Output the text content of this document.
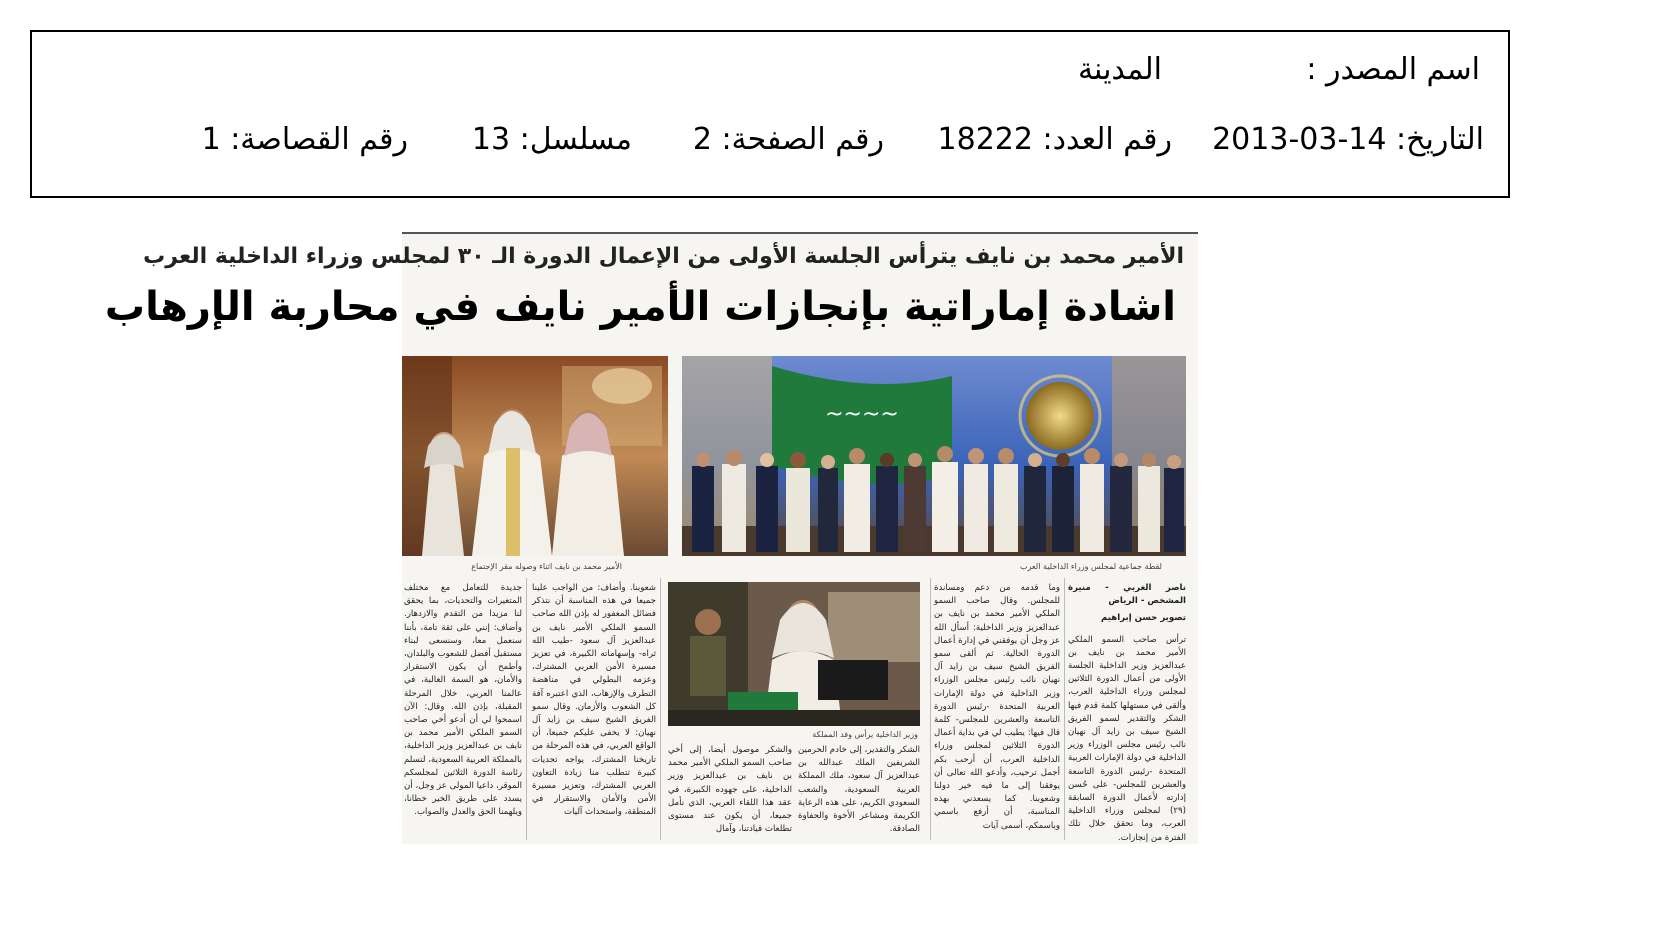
اسم المصدر :
المدينة
التاريخ: 14-03-2013
رقم العدد: 18222
رقم الصفحة: 2
مسلسل: 13
رقم القصاصة: 1
الأمير محمد بن نايف يترأس الجلسة الأولى من الإعمال الدورة الـ ٣٠ لمجلس وزراء الداخلية العرب
اشادة إماراتية بإنجازات الأمير نايف في محاربة الإرهاب
~~~~
الأمير محمد بن نايف اثناء وصوله مقر الإجتماع	لقطة جماعية لمجلس وزراء الداخلية العرب
وزير الداخلية يرأس وفد المملكة
ناصر الغربي - منيرة المشخص - الرياض
تصوير حسن إبراهيم
ترأس صاحب السمو الملكي الأمير محمد بن نايف بن عبدالعزيز وزير الداخلية الجلسة الأولى من أعمال الدورة الثلاثين لمجلس وزراء الداخلية العرب، وألقى في مستهلها كلمة قدم فيها الشكر والتقدير لسمو الفريق الشيخ سيف بن زايد آل نهيان نائب رئيس مجلس الوزراء وزير الداخلية في دولة الإمارات العربية المتحدة -رئيس الدورة التاسعة والعشرين للمجلس- على حُسن إدارته لأعمال الدورة السابقة (٢٩) لمجلس وزراء الداخلية العرب، وما تحقق خلال تلك الفترة من إنجازات.
وما قدمه من دعم ومساندة للمجلس. وقال صاحب السمو الملكي الأمير محمد بن نايف بن عبدالعزيز وزير الداخلية: أسأل الله عز وجل أن يوفقني في إدارة أعمال الدورة الحالية. ثم ألقى سمو الفريق الشيخ سيف بن زايد آل نهيان نائب رئيس مجلس الوزراء وزير الداخلية في دولة الإمارات العربية المتحدة -رئيس الدورة التاسعة والعشرين للمجلس- كلمة قال فيها: يطيب لي في بداية أعمال الدورة الثلاثين لمجلس وزراء الداخلية العرب، أن أرحب بكم أجمل ترحيب، وأدعو الله تعالى أن يوفقنا إلى ما فيه خير دولنا وشعوبنا. كما يسعدني بهذه المناسبة، أن أرفع باسمي وباسمكم، أسمى آيات
الشكر والتقدير، إلى خادم الحرمين الشريفين الملك عبدالله بن عبدالعزيز آل سعود، ملك المملكة العربية السعودية، والشعب السعودي الكريم، على هذه الرعاية الكريمة ومشاعر الأخوة والحفاوة الصادقة.
والشكر موصول أيضا، إلى أخي صاحب السمو الملكي الأمير محمد بن نايف بن عبدالعزيز وزير الداخلية، على جهوده الكبيرة، في عقد هذا اللقاء العربي، الذي نأمل جميعا، أن يكون عند مستوى تطلعات قيادتنا، وآمال
شعوبنا. وأضاف: من الواجب علينا جميعا في هذه المناسبة أن نتذكر فضائل المغفور له بإذن الله صاحب السمو الملكي الأمير نايف بن عبدالعزيز آل سعود -طيب الله ثراه- وإسهاماته الكبيرة، في تعزيز مسيرة الأمن العربي المشترك، وعزمه البطولي في مناهضة التطرف والإرهاب، الذي اعتبره آفة كل الشعوب والأزمان. وقال سمو الفريق الشيخ سيف بن زايد آل نهيان: لا يخفى عليكم جميعا، أن الواقع العربي، في هذه المرحلة من تاريخنا المشترك، يواجه تحديات كبيرة تتطلب منا زيادة التعاون العربي المشترك، وتعزيز مسيرة الأمن والأمان والاستقرار في المنطقة، واستحداث آليات
جديدة للتعامل مع مختلف المتغيرات والتحديات، بما يحقق لنا مزيدا من التقدم والازدهار. وأضاف: إنني على ثقة تامة، بأننا سنعمل معا، وسنسعى لبناء مستقبل أفضل للشعوب والبلدان، وأطمح أن يكون الاستقرار والأمان، هو السمة الغالبة، في عالمنا العربي، خلال المرحلة المقبلة، بإذن الله. وقال: الآن اسمحوا لي أن أدعو أخي صاحب السمو الملكي الأمير محمد بن نايف بن عبدالعزيز وزير الداخلية، بالمملكة العربية السعودية، لتسلم رئاسة الدورة الثلاثين لمجلسكم الموقر، داعيا المولى عز وجل، أن يسدد على طريق الخير خطانا، ويلهمنا الحق والعدل والصواب.
